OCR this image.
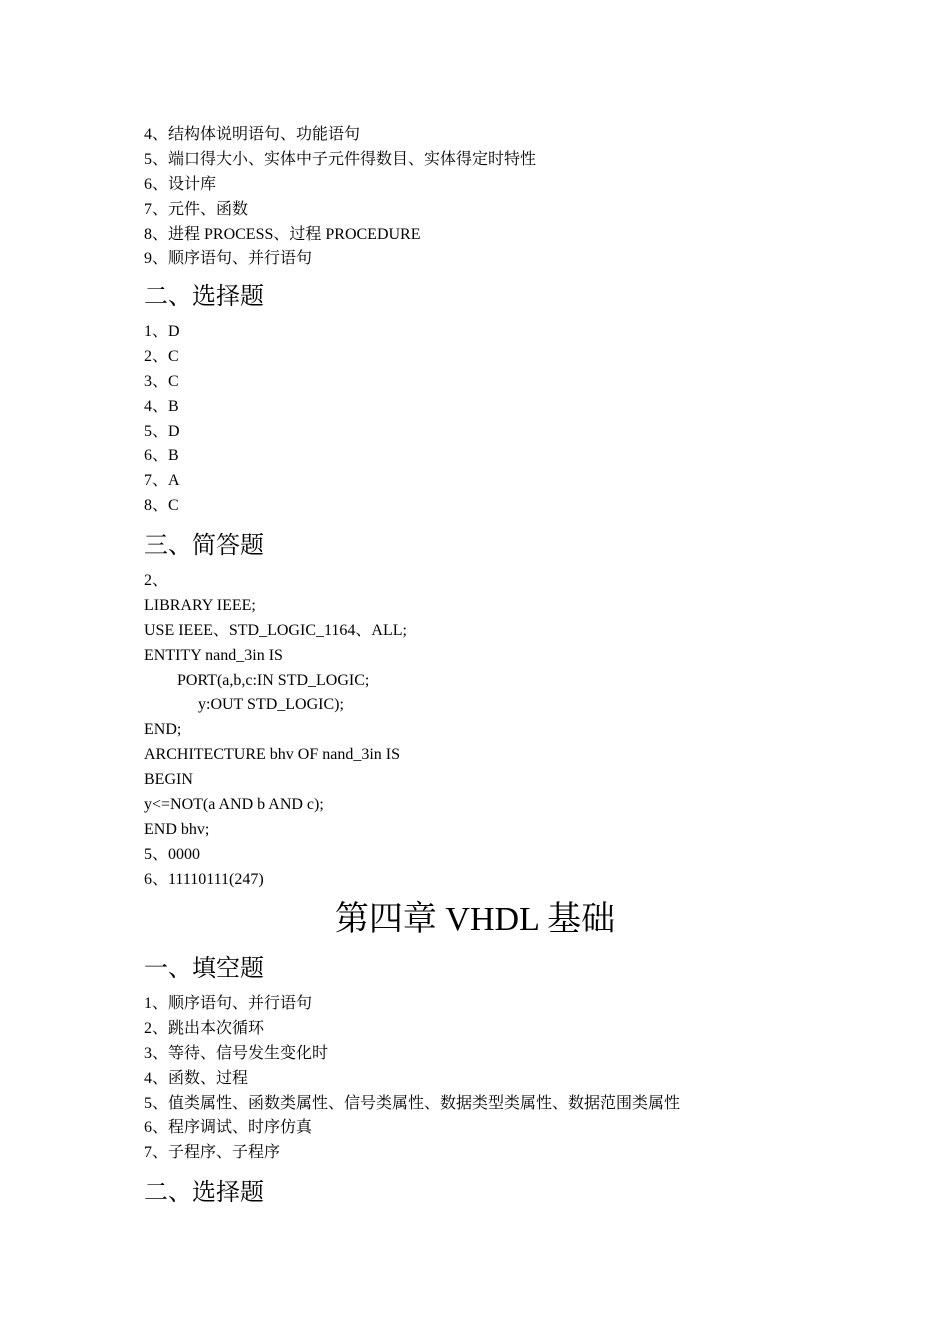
4、结构体说明语句、功能语句
5、端口得大小、实体中子元件得数目、实体得定时特性
6、设计库
7、元件、函数
8、进程 PROCESS、过程 PROCEDURE
9、顺序语句、并行语句
二、选择题
1、D
2、C
3、C
4、B
5、D
6、B
7、A
8、C
三、简答题
2、
LIBRARY IEEE;
USE IEEE、STD_LOGIC_1164、ALL;
ENTITY nand_3in IS
PORT(a,b,c:IN STD_LOGIC;
y:OUT STD_LOGIC);
END;
ARCHITECTURE bhv OF nand_3in IS
BEGIN
y<=NOT(a AND b AND c);
END bhv;
5、0000
6、11110111(247)
第四章 VHDL 基础
一、填空题
1、顺序语句、并行语句
2、跳出本次循环
3、等待、信号发生变化时
4、函数、过程
5、值类属性、函数类属性、信号类属性、数据类型类属性、数据范围类属性
6、程序调试、时序仿真
7、子程序、子程序
二、选择题
